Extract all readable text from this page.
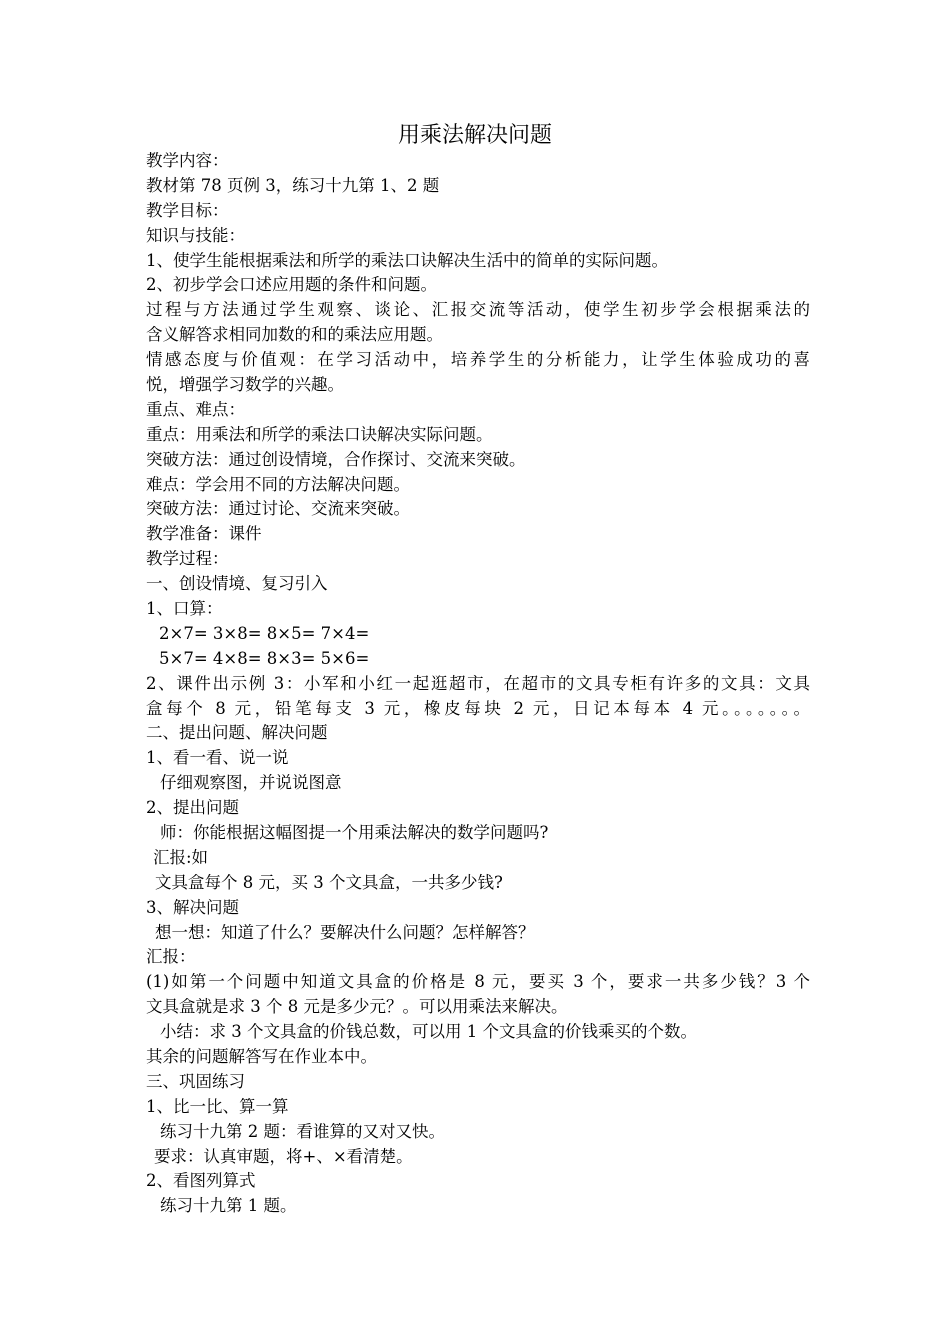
用乘法解决问题
教学内容：
教材第 78 页例 3，练习十九第 1、2 题
教学目标：
知识与技能：
1、使学生能根据乘法和所学的乘法口诀解决生活中的简单的实际问题。
2、初步学会口述应用题的条件和问题。
过程与方法通过学生观察、谈论、汇报交流等活动，使学生初步学会根据乘法的
含义解答求相同加数的和的乘法应用题。
情感态度与价值观：在学习活动中，培养学生的分析能力，让学生体验成功的喜
悦，增强学习数学的兴趣。
重点、难点：
重点：用乘法和所学的乘法口诀解决实际问题。
突破方法：通过创设情境，合作探讨、交流来突破。
难点：学会用不同的方法解决问题。
突破方法：通过讨论、交流来突破。
教学准备：课件
教学过程：
一、创设情境、复习引入
1、口算：
2×7= 3×8= 8×5= 7×4=
5×7= 4×8= 8×3= 5×6=
2、课件出示例 3：小军和小红一起逛超市，在超市的文具专柜有许多的文具：文具
盒每个 8 元，铅笔每支 3 元，橡皮每块 2 元，日记本每本 4 元。。。。。。。
二、提出问题、解决问题
1、看一看、说一说
仔细观察图，并说说图意
2、提出问题
师：你能根据这幅图提一个用乘法解决的数学问题吗?
汇报:如
文具盒每个 8 元，买 3 个文具盒，一共多少钱?
3、解决问题
想一想：知道了什么？要解决什么问题？怎样解答？
汇报：
(1)如第一个问题中知道文具盒的价格是 8 元，要买 3 个，要求一共多少钱？3 个
文具盒就是求 3 个 8 元是多少元？。可以用乘法来解决。
小结：求 3 个文具盒的价钱总数，可以用 1 个文具盒的价钱乘买的个数。
其余的问题解答写在作业本中。
三、巩固练习
1、比一比、算一算
练习十九第 2 题：看谁算的又对又快。
要求：认真审题，将+、×看清楚。
2、看图列算式
练习十九第 1 题。
